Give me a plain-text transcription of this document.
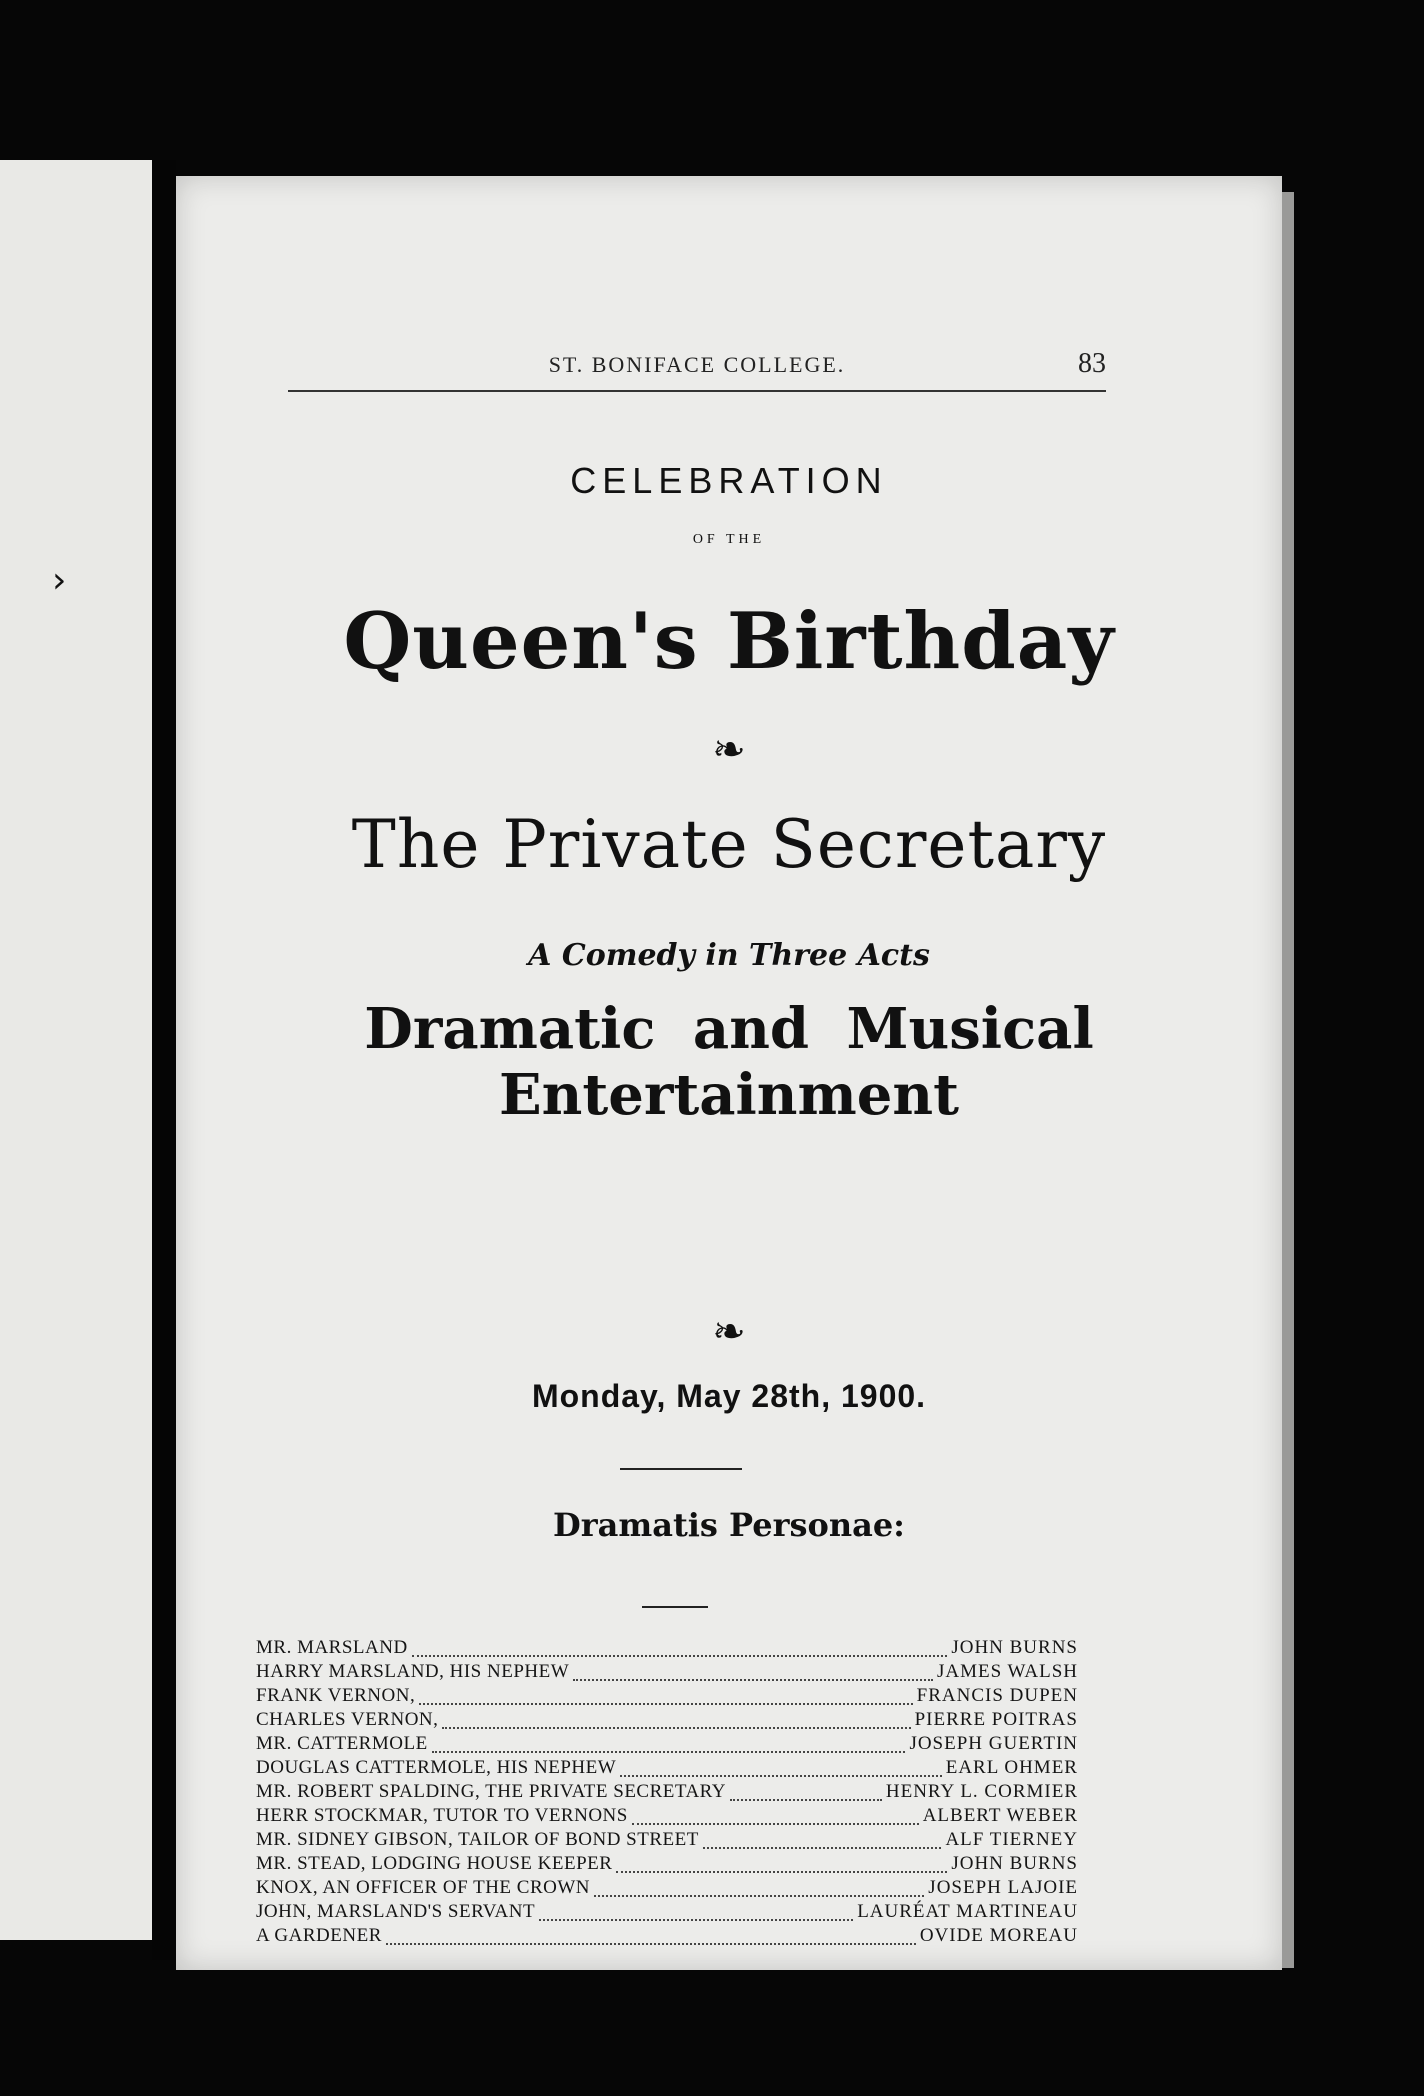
›
ST. BONIFACE COLLEGE.	83
CELEBRATION
OF THE
Queen's Birthday
❧
The Private Secretary
A Comedy in Three Acts
Dramatic and Musical Entertainment
❧
Monday, May 28th, 1900.
Dramatis Personae:
MR. MARSLAND	JOHN BURNS
HARRY MARSLAND, HIS NEPHEW	JAMES WALSH
FRANK VERNON,	FRANCIS DUPEN
CHARLES VERNON,	PIERRE POITRAS
MR. CATTERMOLE	JOSEPH GUERTIN
DOUGLAS CATTERMOLE, HIS NEPHEW	EARL OHMER
MR. ROBERT SPALDING, THE PRIVATE SECRETARY	HENRY L. CORMIER
HERR STOCKMAR, TUTOR TO VERNONS	ALBERT WEBER
MR. SIDNEY GIBSON, TAILOR OF BOND STREET	ALF TIERNEY
MR. STEAD, LODGING HOUSE KEEPER	JOHN BURNS
KNOX, AN OFFICER OF THE CROWN	JOSEPH LAJOIE
JOHN, MARSLAND'S SERVANT	LAURÉAT MARTINEAU
A GARDENER	OVIDE MOREAU
